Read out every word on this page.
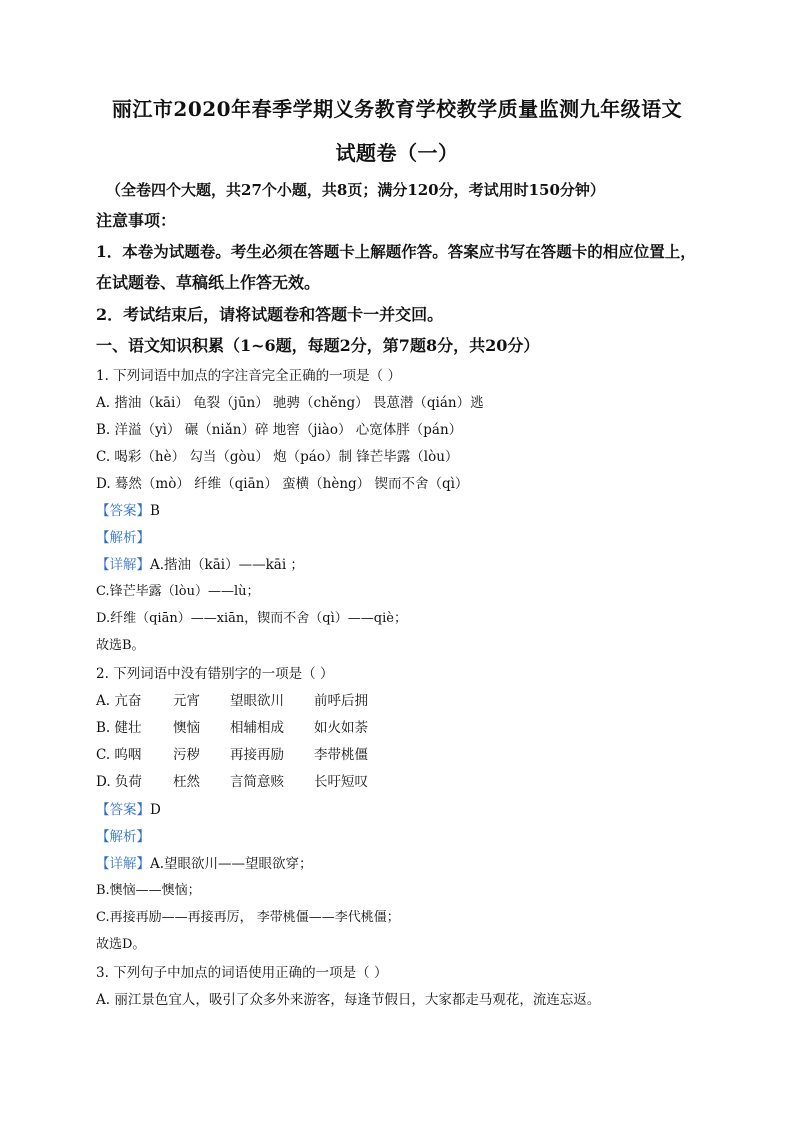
丽江市2020年春季学期义务教育学校教学质量监测九年级语文
试题卷（一）
（全卷四个大题，共27个小题，共8页；满分120分，考试用时150分钟）
注意事项：
1．本卷为试题卷。考生必须在答题卡上解题作答。答案应书写在答题卡的相应位置上，
在试题卷、草稿纸上作答无效。
2．考试结束后，请将试题卷和答题卡一并交回。
一、语文知识积累（1~6题，每题2分，第7题8分，共20分）
1. 下列词语中加点的字注音完全正确的一项是（ ）
A. 揩油（kāi） 龟裂（jūn） 驰骋（chěng） 畏葸潜（qián）逃
B. 洋溢（yì） 碾（niǎn）碎 地窖（jiào） 心宽体胖（pán）
C. 喝彩（hè） 勾当（gòu） 炮（páo）制 锋芒毕露（lòu）
D. 蓦然（mò） 纤维（qiān） 蛮横（hèng） 锲而不舍（qì）
【答案】B
【解析】
【详解】A.揩油（kāi）——kāi ；
C.锋芒毕露（lòu）——lù；
D.纤维（qiān）——xiān，锲而不舍（qì）——qiè；
故选B。
2. 下列词语中没有错别字的一项是（ ）
A. 亢奋	元宵	望眼欲川	前呼后拥
B. 健壮	懊恼	相辅相成	如火如荼
C. 呜咽	污秽	再接再励	李带桃僵
D. 负荷	枉然	言简意赅	长吁短叹
【答案】D
【解析】
【详解】A.望眼欲川——望眼欲穿；
B.懊恼——懊恼；
C.再接再励——再接再厉， 李带桃僵——李代桃僵；
故选D。
3. 下列句子中加点的词语使用正确的一项是（ ）
A. 丽江景色宜人，吸引了众多外来游客，每逢节假日，大家都走马观花，流连忘返。
